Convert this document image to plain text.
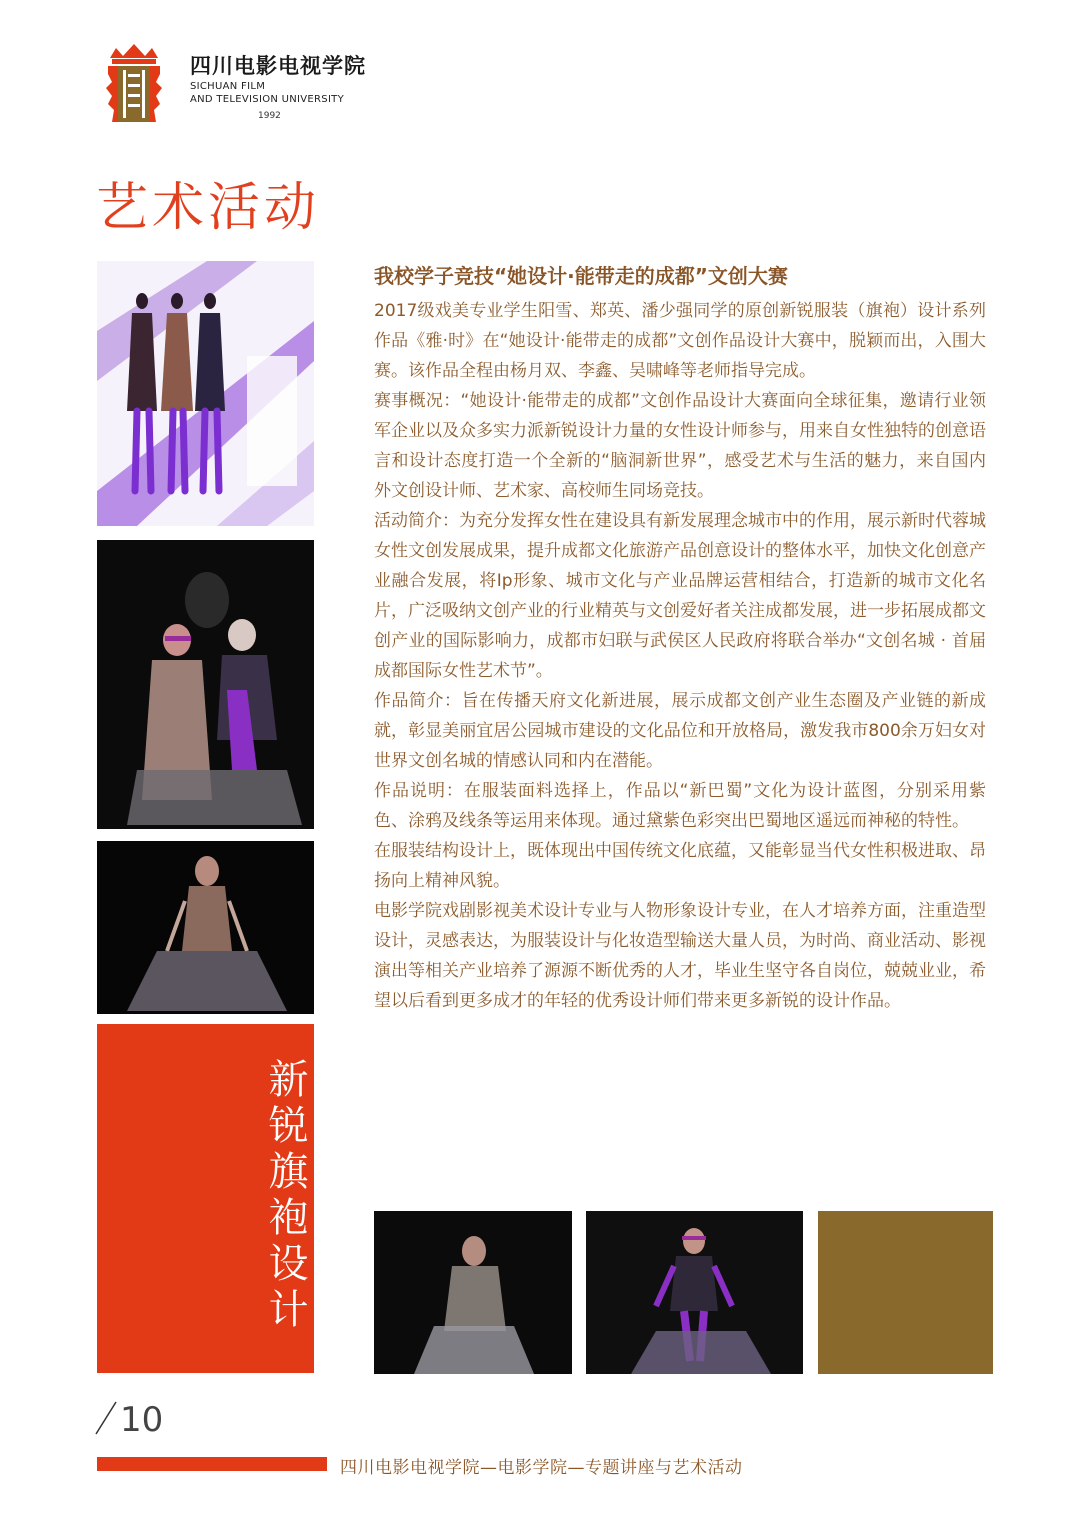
四川电影电视学院
SICHUAN FILM
AND TELEVISION UNIVERSITY
1992
艺术活动
新锐旗袍设计
我校学子竞技“她设计·能带走的成都”文创大赛

2017级戏美专业学生阳雪、郑英、潘少强同学的原创新锐服装（旗袍）设计系列作品《雅·时》在“她设计·能带走的成都”文创作品设计大赛中，脱颖而出，入围大赛。该作品全程由杨月双、李鑫、吴啸峰等老师指导完成。

赛事概况：“她设计·能带走的成都”文创作品设计大赛面向全球征集，邀请行业领军企业以及众多实力派新锐设计力量的女性设计师参与，用来自女性独特的创意语言和设计态度打造一个全新的“脑洞新世界”，感受艺术与生活的魅力，来自国内外文创设计师、艺术家、高校师生同场竞技。

活动简介：为充分发挥女性在建设具有新发展理念城市中的作用，展示新时代蓉城女性文创发展成果，提升成都文化旅游产品创意设计的整体水平，加快文化创意产业融合发展，将Ip形象、城市文化与产业品牌运营相结合，打造新的城市文化名片，广泛吸纳文创产业的行业精英与文创爱好者关注成都发展，进一步拓展成都文创产业的国际影响力，成都市妇联与武侯区人民政府将联合举办“文创名城 · 首届成都国际女性艺术节”。

作品简介：旨在传播天府文化新进展，展示成都文创产业生态圈及产业链的新成就，彰显美丽宜居公园城市建设的文化品位和开放格局，激发我市800余万妇女对世界文创名城的情感认同和内在潜能。

作品说明：在服装面料选择上，作品以“新巴蜀”文化为设计蓝图，分别采用紫色、涂鸦及线条等运用来体现。通过黛紫色彩突出巴蜀地区遥远而神秘的特性。

在服装结构设计上，既体现出中国传统文化底蕴，又能彰显当代女性积极进取、昂扬向上精神风貌。

电影学院戏剧影视美术设计专业与人物形象设计专业，在人才培养方面，注重造型设计，灵感表达，为服装设计与化妆造型输送大量人员，为时尚、商业活动、影视演出等相关产业培养了源源不断优秀的人才，毕业生坚守各自岗位，兢兢业业，希望以后看到更多成才的年轻的优秀设计师们带来更多新锐的设计作品。

10
四川电影电视学院—电影学院—专题讲座与艺术活动
